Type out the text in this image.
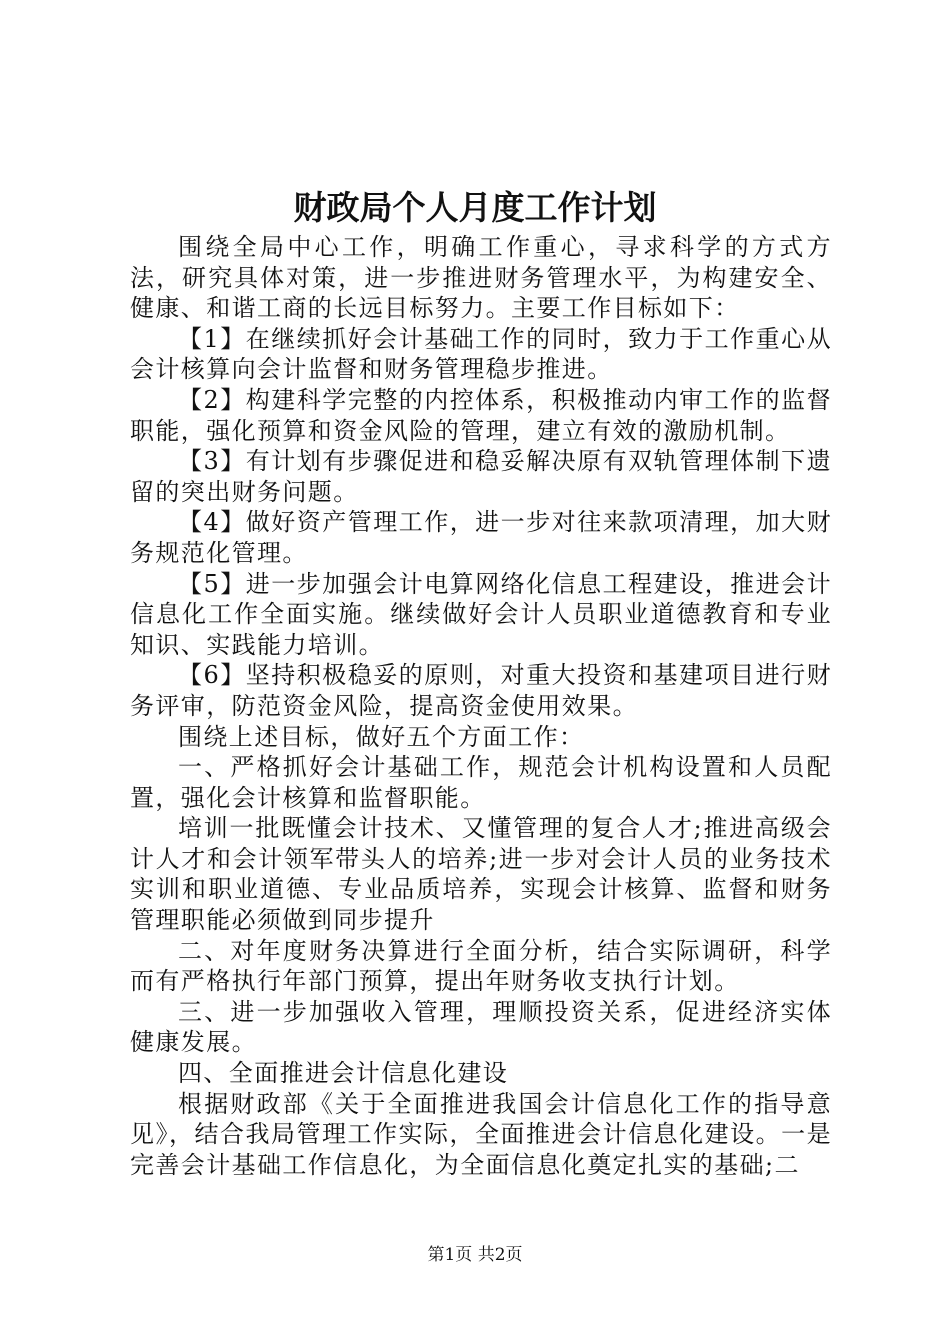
财政局个人月度工作计划

围绕全局中心工作，明确工作重心，寻求科学的方式方法，研究具体对策，进一步推进财务管理水平，为构建安全、健康、和谐工商的长远目标努力。主要工作目标如下：

【1】在继续抓好会计基础工作的同时，致力于工作重心从会计核算向会计监督和财务管理稳步推进。

【2】构建科学完整的内控体系，积极推动内审工作的监督职能，强化预算和资金风险的管理，建立有效的激励机制。

【3】有计划有步骤促进和稳妥解决原有双轨管理体制下遗留的突出财务问题。

【4】做好资产管理工作，进一步对往来款项清理，加大财务规范化管理。

【5】进一步加强会计电算网络化信息工程建设，推进会计信息化工作全面实施。继续做好会计人员职业道德教育和专业知识、实践能力培训。

【6】坚持积极稳妥的原则，对重大投资和基建项目进行财务评审，防范资金风险，提高资金使用效果。

围绕上述目标，做好五个方面工作：

一、严格抓好会计基础工作，规范会计机构设置和人员配置，强化会计核算和监督职能。

培训一批既懂会计技术、又懂管理的复合人才;推进高级会计人才和会计领军带头人的培养;进一步对会计人员的业务技术实训和职业道德、专业品质培养，实现会计核算、监督和财务管理职能必须做到同步提升

二、对年度财务决算进行全面分析，结合实际调研，科学而有严格执行年部门预算，提出年财务收支执行计划。

三、进一步加强收入管理，理顺投资关系，促进经济实体健康发展。

四、全面推进会计信息化建设

根据财政部《关于全面推进我国会计信息化工作的指导意见》，结合我局管理工作实际，全面推进会计信息化建设。一是完善会计基础工作信息化，为全面信息化奠定扎实的基础;二

第1页 共2页
